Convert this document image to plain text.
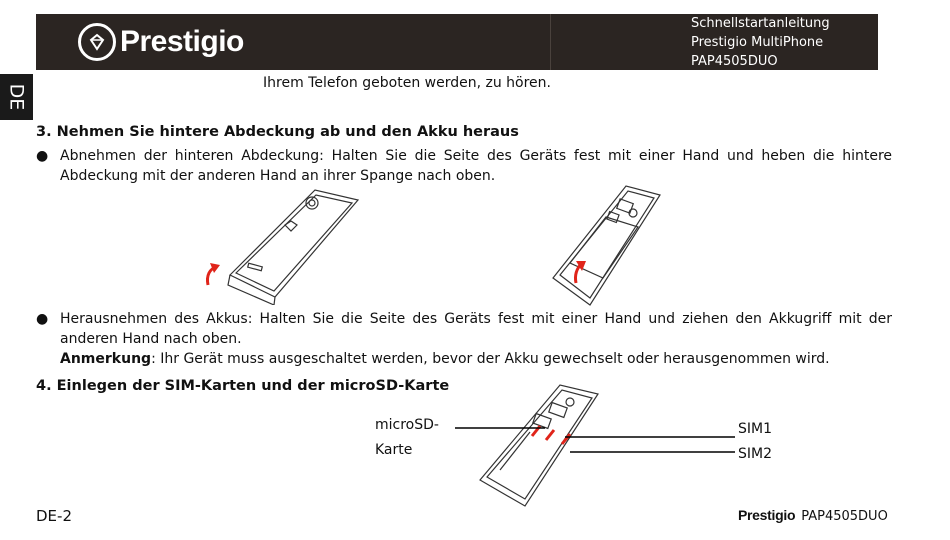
Prestigio
Schnellstartanleitung
Prestigio MultiPhone
PAP4505DUO
DE
Ihrem Telefon geboten werden, zu hören.
3. Nehmen Sie hintere Abdeckung ab und den Akku heraus
● Abnehmen der hinteren Abdeckung: Halten Sie die Seite des Geräts fest mit einer Hand und heben die hintere Abdeckung mit der anderen Hand an ihrer Spange nach oben.
● Herausnehmen des Akkus: Halten Sie die Seite des Geräts fest mit einer Hand und ziehen den Akkugriff mit der anderen Hand nach oben.
Anmerkung: Ihr Gerät muss ausgeschaltet werden, bevor der Akku gewechselt oder herausgenommen wird.
4. Einlegen der SIM-Karten und der microSD-Karte
microSD-
Karte
SIM1
SIM2
DE-2	Prestigio PAP4505DUO
